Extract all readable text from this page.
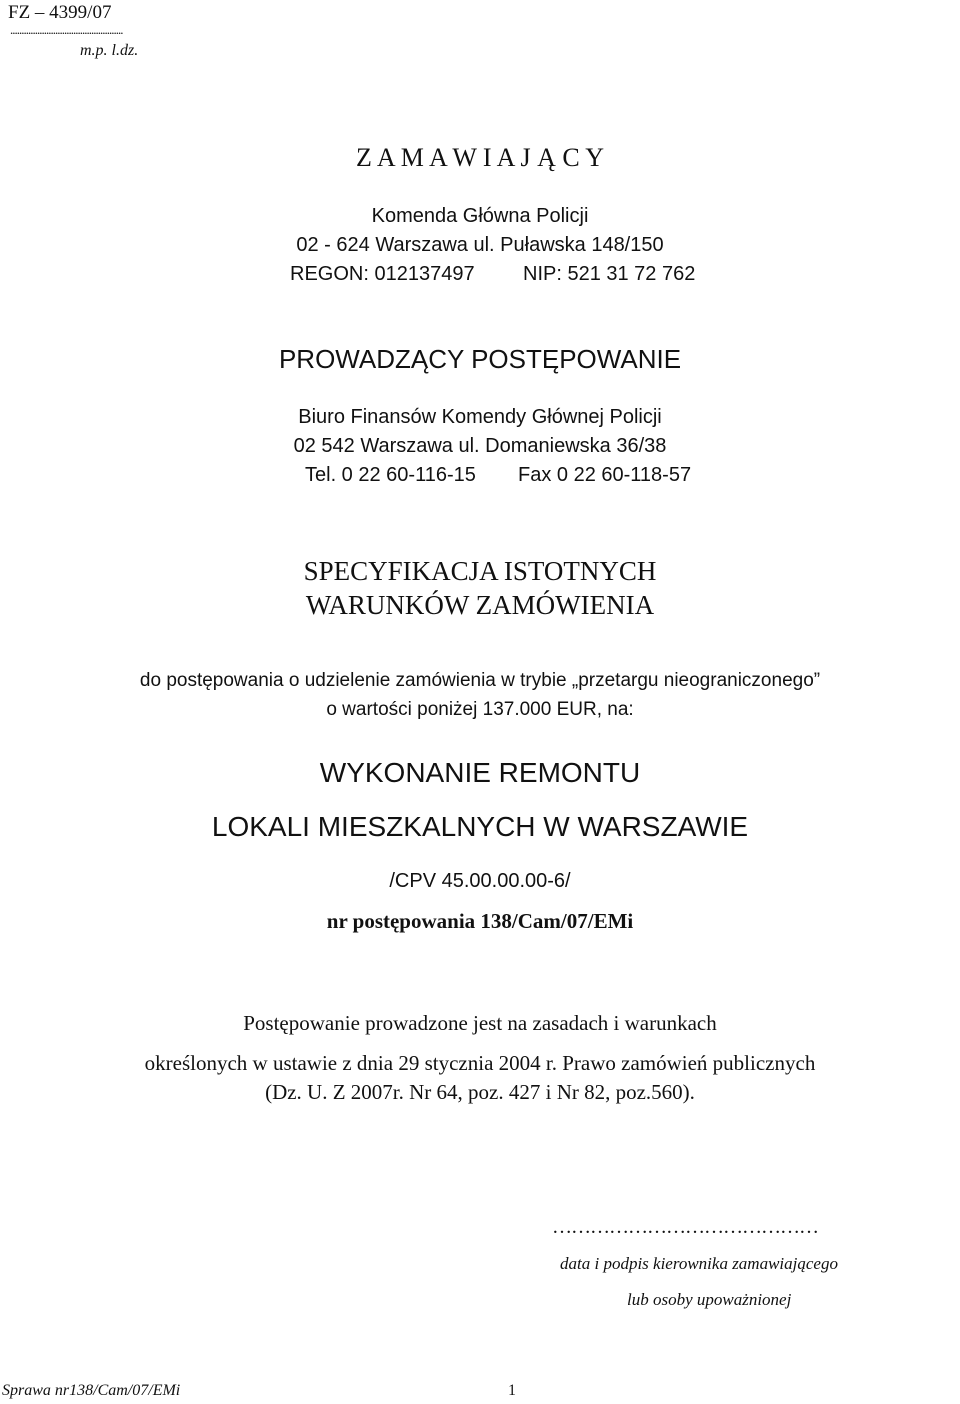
FZ – 4399/07
..................................................
m.p. l.dz.
Z A M A W I A J Ą C Y
Komenda Główna Policji
02 - 624 Warszawa ul. Puławska 148/150
REGON: 012137497 NIP: 521 31 72 762
PROWADZĄCY POSTĘPOWANIE
Biuro Finansów Komendy Głównej Policji
02 542 Warszawa ul. Domaniewska 36/38
Tel. 0 22 60-116-15 Fax 0 22 60-118-57
SPECYFIKACJA ISTOTNYCH
WARUNKÓW ZAMÓWIENIA
do postępowania o udzielenie zamówienia w trybie „przetargu nieograniczonego”
o wartości poniżej 137.000 EUR, na:
WYKONANIE REMONTU
LOKALI MIESZKALNYCH W WARSZAWIE
/CPV 45.00.00.00-6/
nr postępowania 138/Cam/07/EMi
Postępowanie prowadzone jest na zasadach i warunkach
określonych w ustawie z dnia 29 stycznia 2004 r. Prawo zamówień publicznych
(Dz. U. Z 2007r. Nr 64, poz. 427 i Nr 82, poz.560).
……………………………………
data i podpis kierownika zamawiającego
lub osoby upoważnionej
Sprawa nr138/Cam/07/EMi	1
